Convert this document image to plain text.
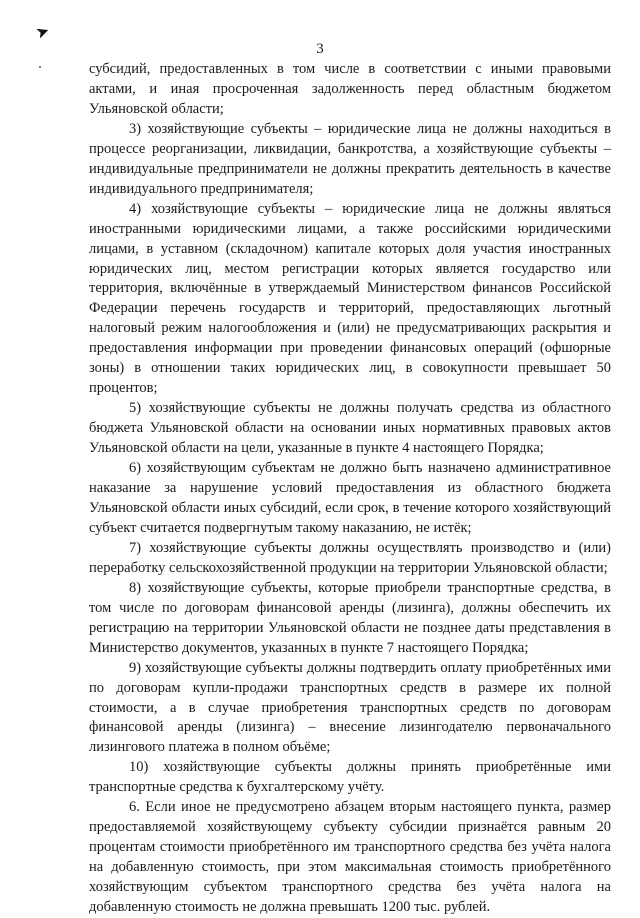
➤
3

субсидий, предоставленных в том числе в соответствии с иными правовыми актами, и иная просроченная задолженность перед областным бюджетом Ульяновской области;

3) хозяйствующие субъекты – юридические лица не должны находиться в процессе реорганизации, ликвидации, банкротства, а хозяйствующие субъекты – индивидуальные предприниматели не должны прекратить деятельность в качестве индивидуального предпринимателя;

4) хозяйствующие субъекты – юридические лица не должны являться иностранными юридическими лицами, а также российскими юридическими лицами, в уставном (складочном) капитале которых доля участия иностранных юридических лиц, местом регистрации которых является государство или территория, включённые в утверждаемый Министерством финансов Российской Федерации перечень государств и территорий, предоставляющих льготный налоговый режим налогообложения и (или) не предусматривающих раскрытия и предоставления информации при проведении финансовых операций (офшорные зоны) в отношении таких юридических лиц, в совокупности превышает 50 процентов;

5) хозяйствующие субъекты не должны получать средства из областного бюджета Ульяновской области на основании иных нормативных правовых актов Ульяновской области на цели, указанные в пункте 4 настоящего Порядка;

6) хозяйствующим субъектам не должно быть назначено административное наказание за нарушение условий предоставления из областного бюджета Ульяновской области иных субсидий, если срок, в течение которого хозяйствующий субъект считается подвергнутым такому наказанию, не истёк;

7) хозяйствующие субъекты должны осуществлять производство и (или) переработку сельскохозяйственной продукции на территории Ульяновской области;

8) хозяйствующие субъекты, которые приобрели транспортные средства, в том числе по договорам финансовой аренды (лизинга), должны обеспечить их регистрацию на территории Ульяновской области не позднее даты представления в Министерство документов, указанных в пункте 7 настоящего Порядка;

9) хозяйствующие субъекты должны подтвердить оплату приобретённых ими по договорам купли-продажи транспортных средств в размере их полной стоимости, а в случае приобретения транспортных средств по договорам финансовой аренды (лизинга) – внесение лизингодателю первоначального лизингового платежа в полном объёме;

10) хозяйствующие субъекты должны принять приобретённые ими транспортные средства к бухгалтерскому учёту.

6. Если иное не предусмотрено абзацем вторым настоящего пункта, размер предоставляемой хозяйствующему субъекту субсидии признаётся равным 20 процентам стоимости приобретённого им транспортного средства без учёта налога на добавленную стоимость, при этом максимальная стоимость приобретённого хозяйствующим субъектом транспортного средства без учёта налога на добавленную стоимость не должна превышать 1200 тыс. рублей.
